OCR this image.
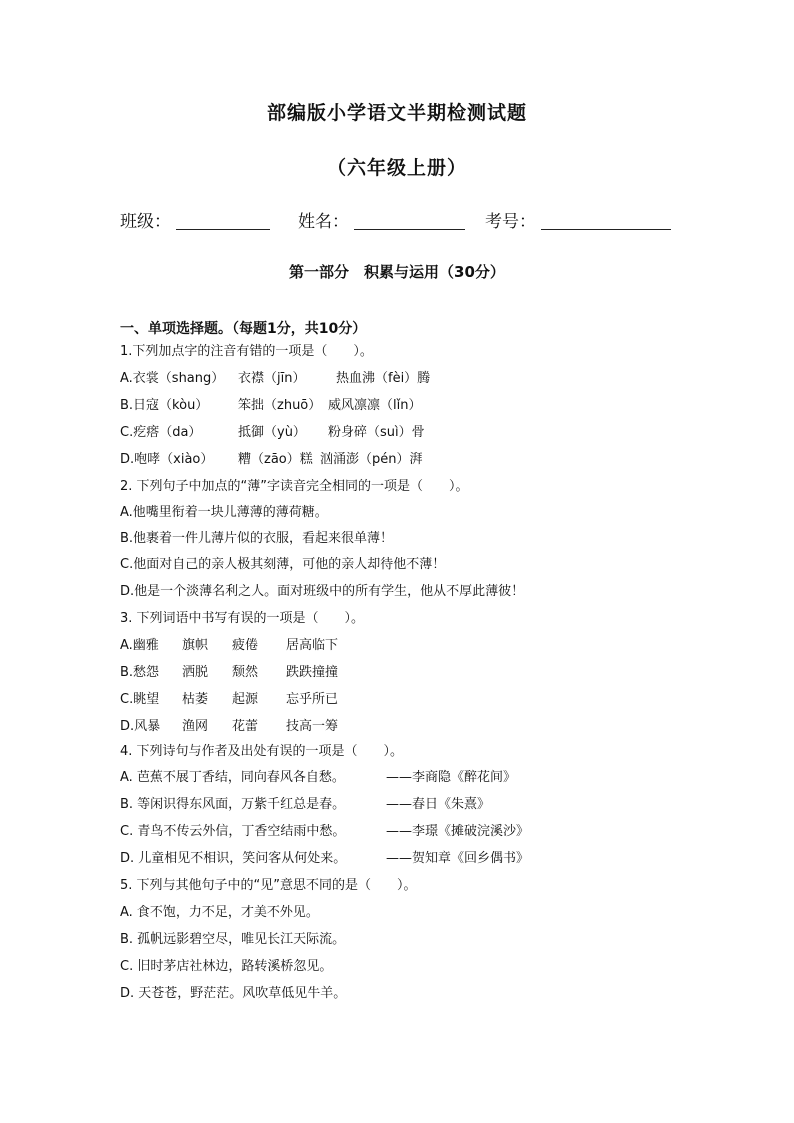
部编版小学语文半期检测试题
（六年级上册）
班级：	姓名：	考号：
第一部分　积累与运用（30分）
一、单项选择题。（每题1分，共10分）
1.下列加点字的注音有错的一项是（　　）。
A.衣裳（shang） 衣襟（jīn） 热血沸（fèi）腾
B.日寇（kòu） 笨拙（zhuō） 威风凛凛（lǐn）
C.疙瘩（da）	抵御（yù） 粉身碎（suì）骨
D.咆哮（xiào） 糟（zāo）糕 汹涌澎（pén）湃
2. 下列句子中加点的“薄”字读音完全相同的一项是（　　）。
A.他嘴里衔着一块儿薄薄的薄荷糖。
B.他裹着一件儿薄片似的衣服，看起来很单薄！
C.他面对自己的亲人极其刻薄，可他的亲人却待他不薄！
D.他是一个淡薄名利之人。面对班级中的所有学生，他从不厚此薄彼！
3. 下列词语中书写有误的一项是（　　）。
A.幽雅 旗帜 疲倦 居高临下
B.愁怨 洒脱 颓然 跌跌撞撞
C.眺望 枯萎 起源 忘乎所已
D.风暴 渔网 花蕾 技高一筹
4. 下列诗句与作者及出处有误的一项是（　　）。
A. 芭蕉不展丁香结，同向春风各自愁。	——李商隐《醉花间》
B. 等闲识得东风面，万紫千红总是春。	——春日《朱熹》
C. 青鸟不传云外信，丁香空结雨中愁。	——李璟《摊破浣溪沙》
D. 儿童相见不相识，笑问客从何处来。	——贺知章《回乡偶书》
5. 下列与其他句子中的“见”意思不同的是（　　）。
A. 食不饱，力不足，才美不外见。
B. 孤帆远影碧空尽，唯见长江天际流。
C. 旧时茅店社林边，路转溪桥忽见。
D. 天苍苍，野茫茫。风吹草低见牛羊。
